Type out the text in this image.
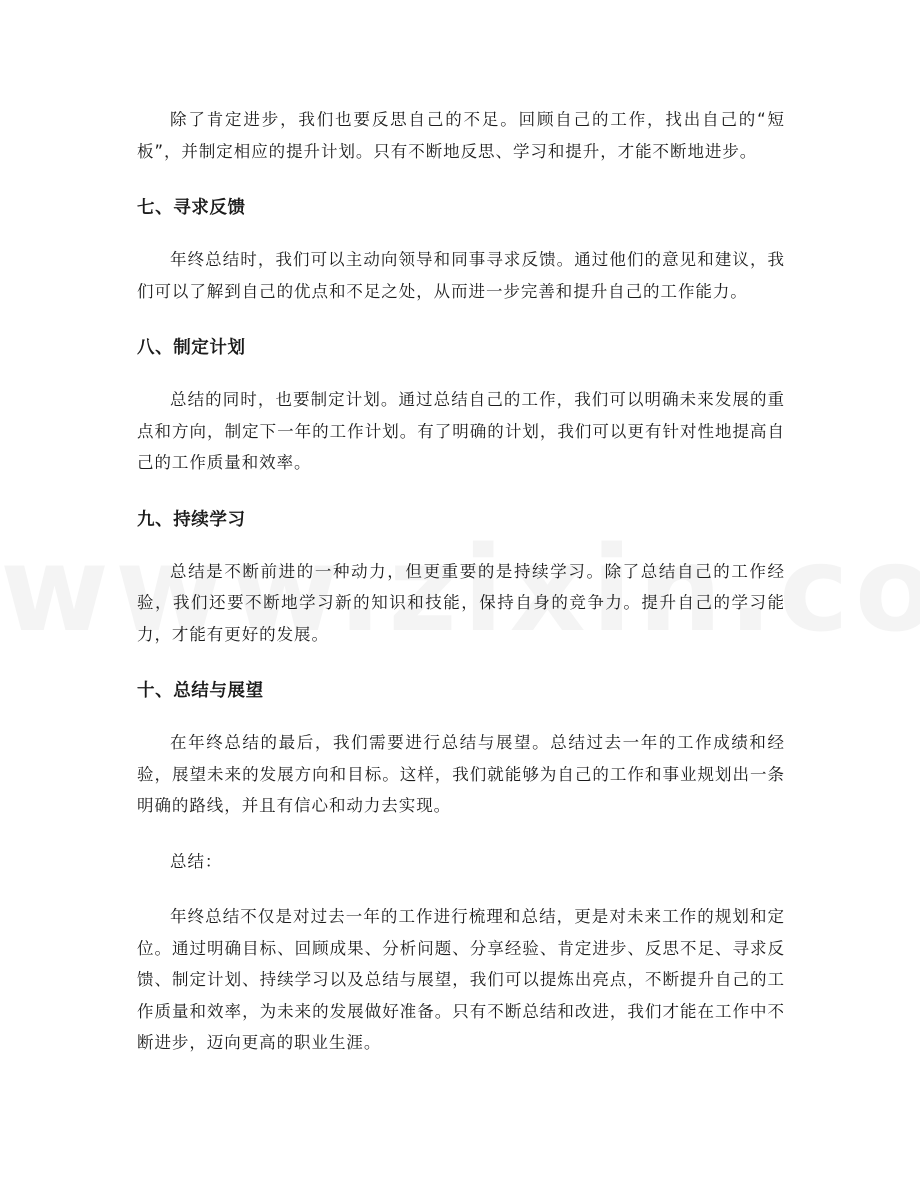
除了肯定进步，我们也要反思自己的不足。回顾自己的工作，找出自己的“短板”，并制定相应的提升计划。只有不断地反思、学习和提升，才能不断地进步。

七、寻求反馈

年终总结时，我们可以主动向领导和同事寻求反馈。通过他们的意见和建议，我们可以了解到自己的优点和不足之处，从而进一步完善和提升自己的工作能力。

八、制定计划

总结的同时，也要制定计划。通过总结自己的工作，我们可以明确未来发展的重点和方向，制定下一年的工作计划。有了明确的计划，我们可以更有针对性地提高自己的工作质量和效率。

九、持续学习

总结是不断前进的一种动力，但更重要的是持续学习。除了总结自己的工作经验，我们还要不断地学习新的知识和技能，保持自身的竞争力。提升自己的学习能力，才能有更好的发展。

十、总结与展望

在年终总结的最后，我们需要进行总结与展望。总结过去一年的工作成绩和经验，展望未来的发展方向和目标。这样，我们就能够为自己的工作和事业规划出一条明确的路线，并且有信心和动力去实现。

总结：

年终总结不仅是对过去一年的工作进行梳理和总结，更是对未来工作的规划和定位。通过明确目标、回顾成果、分析问题、分享经验、肯定进步、反思不足、寻求反馈、制定计划、持续学习以及总结与展望，我们可以提炼出亮点，不断提升自己的工作质量和效率，为未来的发展做好准备。只有不断总结和改进，我们才能在工作中不断进步，迈向更高的职业生涯。
